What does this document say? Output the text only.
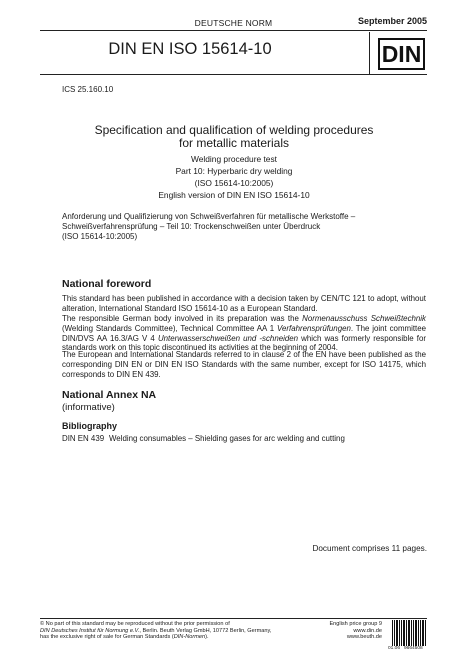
DEUTSCHE NORM	September 2005
DIN EN ISO 15614-10	DIN
ICS 25.160.10
Specification and qualification of welding procedures
for metallic materials
Welding procedure test
Part 10: Hyperbaric dry welding
(ISO 15614-10:2005)
English version of DIN EN ISO 15614-10
Anforderung und Qualifizierung von Schweißverfahren für metallische Werkstoffe –
Schweißverfahrensprüfung – Teil 10: Trockenschweißen unter Überdruck
(ISO 15614-10:2005)
National foreword
This standard has been published in accordance with a decision taken by CEN/TC 121 to adopt, without alteration, International Standard ISO 15614-10 as a European Standard.
The responsible German body involved in its preparation was the Normenausschuss Schweißtechnik (Welding Standards Committee), Technical Committee AA 1 Verfahrensprüfungen. The joint committee DIN/DVS AA 16.3/AG V 4 Unterwasserschweißen und -schneiden which was formerly responsible for standards work on this topic discontinued its activities at the beginning of 2004.
The European and International Standards referred to in clause 2 of the EN have been published as the corresponding DIN EN or DIN EN ISO Standards with the same number, except for ISO 14175, which corresponds to DIN EN 439.
National Annex NA
(informative)
Bibliography
DIN EN 439 Welding consumables – Shielding gases for arc welding and cutting
Document comprises 11 pages.
© No part of this standard may be reproduced without the prior permission of
DIN Deutsches Institut für Normung e.V., Berlin. Beuth Verlag GmbH, 10772 Berlin, Germany,
has the exclusive right of sale for German Standards (DIN-Normen).
English price group 9
www.din.de
www.beuth.de
01.06 9664508
